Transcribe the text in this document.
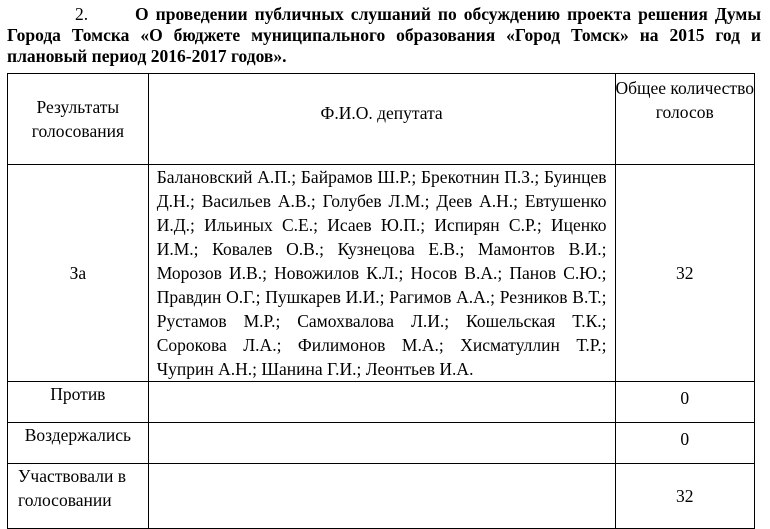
2.	О проведении публичных слушаний по обсуждению проекта решения Думы Города Томска «О бюджете муниципального образования «Город Томск» на 2015 год и плановый период 2016-2017 годов».
Результаты голосования	Ф.И.О. депутата	Общее количество голосов
За	Балановский А.П.; Байрамов Ш.Р.; Брекотнин П.З.; Буинцев Д.Н.; Васильев А.В.; Голубев Л.М.; Деев А.Н.; Евтушенко И.Д.; Ильиных С.Е.; Исаев Ю.П.; Испирян С.Р.; Иценко И.М.; Ковалев О.В.; Кузнецова Е.В.; Мамонтов В.И.; Морозов И.В.; Новожилов К.Л.; Носов В.А.; Панов С.Ю.; Правдин О.Г.; Пушкарев И.И.; Рагимов А.А.; Резников В.Т.; Рустамов М.Р.; Самохвалова Л.И.; Кошельская Т.К.; Сорокова Л.А.; Филимонов М.А.; Хисматуллин Т.Р.; Чуприн А.Н.; Шанина Г.И.; Леонтьев И.А.	32
Против		0
Воздержались		0
Участвовали в голосовании		32
